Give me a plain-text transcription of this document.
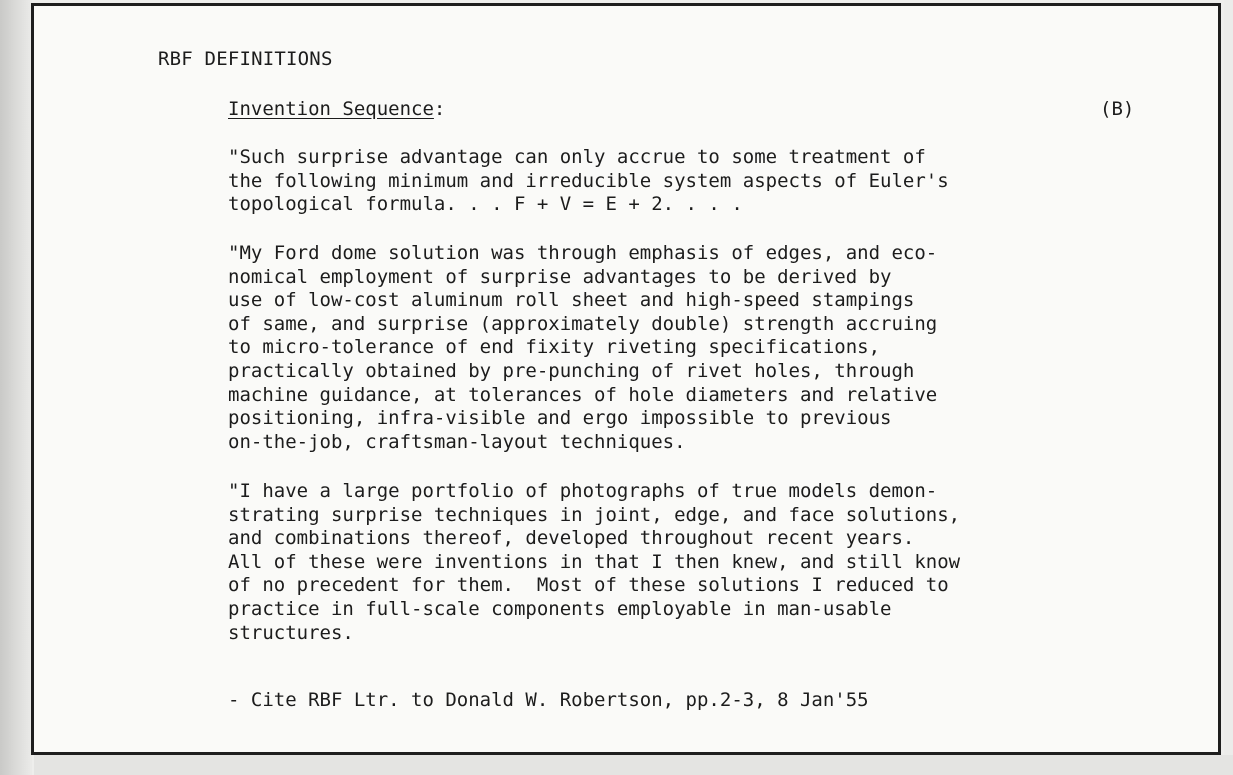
RBF DEFINITIONS
Invention Sequence:	(B)
"Such surprise advantage can only accrue to some treatment of
the following minimum and irreducible system aspects of Euler's
topological formula. . . F + V = E + 2. . . .
"My Ford dome solution was through emphasis of edges, and eco-
nomical employment of surprise advantages to be derived by
use of low-cost aluminum roll sheet and high-speed stampings
of same, and surprise (approximately double) strength accruing
to micro-tolerance of end fixity riveting specifications,
practically obtained by pre-punching of rivet holes, through
machine guidance, at tolerances of hole diameters and relative
positioning, infra-visible and ergo impossible to previous
on-the-job, craftsman-layout techniques.
"I have a large portfolio of photographs of true models demon-
strating surprise techniques in joint, edge, and face solutions,
and combinations thereof, developed throughout recent years.
All of these were inventions in that I then knew, and still know
of no precedent for them.  Most of these solutions I reduced to
practice in full-scale components employable in man-usable
structures.
- Cite RBF Ltr. to Donald W. Robertson, pp.2-3, 8 Jan'55
